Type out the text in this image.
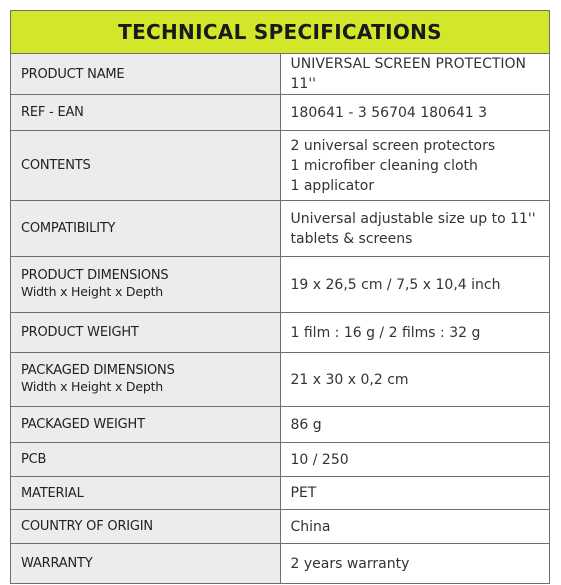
TECHNICAL SPECIFICATIONS	
PRODUCT NAME	UNIVERSAL SCREEN PROTECTION 11''
REF - EAN	180641 - 3 56704 180641 3
CONTENTS	2 universal screen protectors
1 microfiber cleaning cloth
1 applicator

COMPATIBILITY	Universal adjustable size up to 11''
tablets & screens

PRODUCT DIMENSIONS
Width x Height x Depth	19 x 26,5 cm / 7,5 x 10,4 inch
PRODUCT WEIGHT	1 film : 16 g / 2 films : 32 g

PACKAGED DIMENSIONS
Width x Height x Depth	21 x 30 x 0,2 cm
PACKAGED WEIGHT	86 g
PCB	10 / 250
MATERIAL	PET
COUNTRY OF ORIGIN	China
WARRANTY	2 years warranty
